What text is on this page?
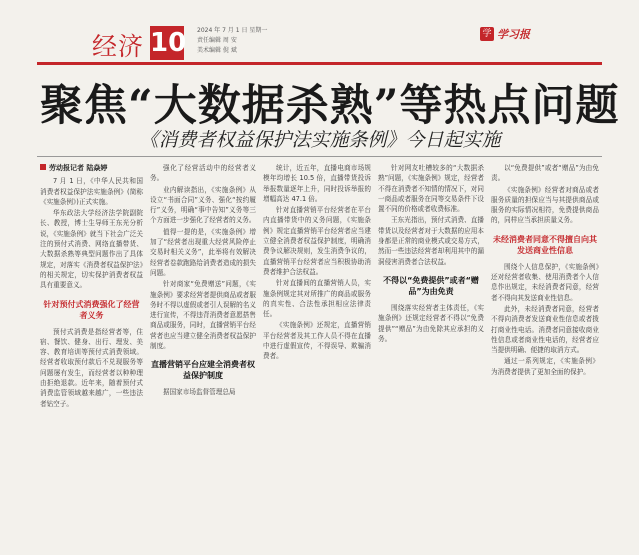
经济 10 2024 年 7 月 1 日 星期一
责任编辑 周 安
美术编辑 倪 斌
学 学习报
聚焦“大数据杀熟”等热点问题
《消费者权益保护法实施条例》今日起实施
劳动报记者 陆焱婷

7 月 1 日，《中华人民共和国消费者权益保护法实施条例》(简称《实施条例》)正式实施。

华东政法大学经济法学院副院长、教授，博士生导师王东光分析说，《实施条例》就当下社会广泛关注的预付式消费、网络直播带货、大数据杀熟等典型问题作出了具体规定，对落实《消费者权益保护法》的相关规定，切实保护消费者权益具有重要意义。

针对预付式消费强化了经营者义务

预付式消费是指经营者等，住宿、餐饮、健身、出行、理发、美容、教育培训等预付式消费领域。经营者收取预付款后不兑现服务等问题屡有发生，而经营者以种种理由拒绝退款。近年来，随着预付式消费监管领域越来越广，一些违法者钻空子。

强化了经营活动中的经营者义务。

业内解读指出，《实施条例》从设立“书面合同”义务、强化“按约履行”义务，明确“事中告知”义务等三个方面进一步强化了经营者的义务。

值得一提的是，《实施条例》增加了“经营者出现重大经营风险停止交易时相关义务”，此举将有效解决经营者卷款跑路给消费者造成的损失问题。

针对商家“免费赠送”问题，《实施条例》要求经营者提供商品或者服务时不得以虚假或者引人误解的名义进行宣传，不得违背消费者意愿搭售商品或服务，同时，直播营销平台经营者也应当建立健全消费者权益保护制度。

直播营销平台应建全消费者权益保护制度

据国家市场监督管理总局

统计，近五年，直播电商市场规模年均增长 10.5 倍，直播带货投诉举报数量逐年上升，同时投诉举报的增幅高达 47.1 倍。

针对直播营销平台经营者在平台内直播带货中的义务问题，《实施条例》规定直播营销平台经营者应当建立健全消费者权益保护制度，明确消费争议解决规则，发生消费争议的，直播营销平台经营者应当积极协助消费者维护合法权益。

针对直播间的直播营销人员，实施条例规定其对所推广的商品或服务的真实性、合法性承担相应法律责任。

《实施条例》还规定，直播营销平台经营者及其工作人员不得在直播中进行虚假宣传，不得误导、欺骗消费者。

针对网友吐槽较多的“大数据杀熟”问题，《实施条例》规定，经营者不得在消费者不知情的情况下，对同一商品或者服务在同等交易条件下设置不同的价格或者收费标准。

王东光指出，预付式消费、直播带货以及经营者对于大数据的应用本身都是正常的商业模式或交易方式，然而一些违法经营者却利用其中的漏洞侵害消费者合法权益。

不得以“免费提供”或者“赠品”为由免责

围绕落实经营者主体责任，《实施条例》还规定经营者不得以“免费提供”“赠品”为由免除其应承担的义务。

以“免费提供”或者“赠品”为由免责。

《实施条例》经营者对商品或者服务质量的担保应当与其提供商品或服务的实际情况相符，免费提供商品的，同样应当承担质量义务。

未经消费者同意不得擅自向其发送商业性信息

围绕个人信息保护，《实施条例》还对经营者收集、使用消费者个人信息作出规定，未经消费者同意，经营者不得向其发送商业性信息。

此外，未经消费者同意，经营者不得向消费者发送商业性信息或者拨打商业性电话。消费者同意接收商业性信息或者商业性电话的，经营者应当提供明确、便捷的取消方式。

通过一系列规定，《实施条例》为消费者提供了更加全面的保护。
